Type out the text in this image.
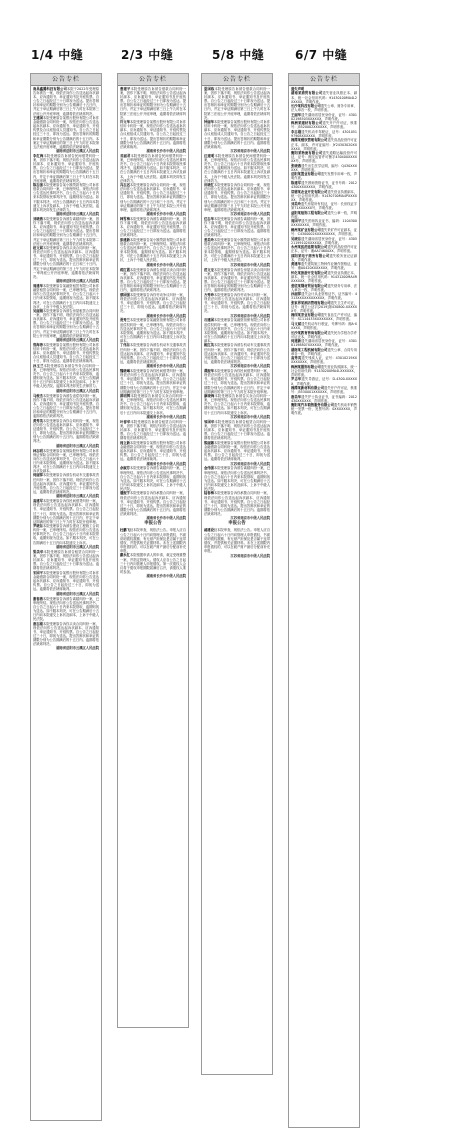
1/4 中缝	2/3 中缝	5/8 中缝	6/7 中缝
公告专栏
南昌鑫腾科技有限公司本院于2022年受理原告诉被告一案，现依法向你公告送达起诉状副本、应诉通知书、举证通知书及开庭传票。自公告之日起经过三十日即视为送达。提出答辩状和举证的期限分别为公告期满后十五日内，并定于举证期满后第三日上午九时在本院第三法庭公开开庭审理，逾期将依法缺席判决。
王建国本院受理原告某银行股份有限公司诉你金融借款合同纠纷一案，现依法向你公告送达起诉状副本、应诉通知书、举证通知书、开庭传票及合议庭组成人员通知书。自公告之日起经过三十日，即视为送达。提出答辩状的期限和举证期限分别为公告期满后的十五日内。本案定于举证期满后的第三日上午九时在本院第五法庭开庭审理，逾期将依法缺席裁判。
湖南省岳阳市云溪区人民法院
李红梅本院受理原告诉被告民间借贷纠纷一案，因你下落不明，现依法向你公告送达起诉状副本、应诉通知书、举证通知书、开庭传票。自公告之日起经过三十日即视为送达，提出答辩状和举证的期限均为公告期满后十五日内，并定于举证期满后第三日上午九时在本院开庭审理，逾期将依法缺席判决。
陈志强本院受理原告某小额贷款有限公司诉你借款合同纠纷一案，已审理终结。现依法向你公告送达民事判决书，自公告之日起六十日内来本院领取民事判决书，逾期则视为送达。如不服本判决，可在公告期满后十五日内向本院递交上诉状及副本，上诉于中级人民法院。逾期本判决即发生法律效力。
湖南省岳阳市云溪区人民法院
刘晓燕本院受理原告诉被告离婚纠纷一案，因你下落不明，现依法向你公告送达起诉状副本、应诉通知书、举证通知书及开庭传票。自公告之日起经过三十日即视为送达。提出答辩状和举证的期限分别为公告期满后十五日内，并定于举证期满后第三日上午九时在本院第二法庭公开开庭审理，逾期将依法缺席判决。
赵文斌本院受理原告诉你买卖合同纠纷一案，现依法向你公告送达起诉状副本、应诉通知书、举证通知书、开庭传票。自公告之日起经过三十日，即视为送达。提出答辩状和举证的期限分别为公告期满后的十五日和三十日内。并定于举证期满后的第三日上午九时在本院第一审判庭公开开庭审理，逾期将依法缺席判决。
湖南省岳阳市云溪区人民法院
周建华本院受理原告某融资租赁有限公司诉你融资租赁合同纠纷一案，已审理终结。现依法向你公告送达民事判决书，自公告之日起六十日内来本院领取，逾期则视为送达。如不服本判决，可在公告期满后十五日内向本院递交上诉状，上诉于中级人民法院。
吴丽娟本院受理原告诉被告房屋租赁合同纠纷一案，因你下落不明，现依法向你公告送达起诉状副本、应诉通知书、举证通知书及开庭传票。自公告之日起经过三十日即视为送达。提出答辩状和举证的期限分别为公告期满后十五日内，并定于举证期满后第三日上午九时在本院公开开庭审理，逾期将依法缺席判决。
湖南省岳阳市云溪区人民法院
郑海涛本院受理原告某银行股份有限公司诉你信用卡纠纷一案，现依法向你公告送达起诉状副本、应诉通知书、举证通知书、开庭传票及合议庭组成人员通知书。自公告之日起经过三十日，即视为送达。逾期将依法缺席裁判。
孙玉兰本院受理原告诉被告劳务合同纠纷一案，已审理终结。现依法向你公告送达民事判决书，自公告之日起六十日内来本院领取，逾期则视为送达。如不服本判决，可在公告期满后十五日内向本院递交上诉状及副本，上诉于中级人民法院。逾期本判决即发生法律效力。
湖南省岳阳市云溪区人民法院
马俊杰本院受理原告诉被告追偿权纠纷一案，因你下落不明，现依法向你公告送达起诉状副本、应诉通知书、举证通知书及开庭传票。自公告之日起经过三十日即视为送达。提出答辩状和举证的期限分别为公告期满后十五日内，逾期将依法缺席判决。
黄秀英本院受理原告诉你合同纠纷一案，现依法向你公告送达起诉状副本、应诉通知书、举证通知书、开庭传票。自公告之日起经过三十日，即视为送达。提出答辩状和举证的期限分别为公告期满后的十五日内。逾期将依法缺席判决。
湖南省岳阳市云溪区人民法院
林志明本院受理原告某保险股份有限公司诉你保证保险合同纠纷一案，已审理终结。现依法向你公告送达民事判决书，自公告之日起六十日内来本院领取，逾期则视为送达。如不服本判决，可在公告期满后十五日内向本院递交上诉状及副本。
何丽萍本院受理原告诉被告机动车交通事故责任纠纷一案，因你下落不明，现依法向你公告送达起诉状副本、应诉通知书、举证通知书及开庭传票。自公告之日起经过三十日即视为送达，逾期将依法缺席判决。
湖南省岳阳市云溪区人民法院
高建军本院受理原告诉你民间借贷纠纷一案，现依法向你公告送达起诉状副本、应诉通知书、举证通知书、开庭传票。自公告之日起经过三十日，即视为送达。提出答辩状和举证的期限分别为公告期满后的十五日内，并定于举证期满后的第三日上午九时在本院开庭审理。
罗晓东本院受理原告诉被告建设工程施工合同纠纷一案，已审理终结。现依法向你公告送达民事判决书，自公告之日起六十日内来本院领取，逾期则视为送达。如不服本判决，可在公告期满后十五日内向本院递交上诉状。
湖南省岳阳市云溪区人民法院
梁美华本院受理原告诉被告租赁合同纠纷一案，因你下落不明，现依法向你公告送达起诉状副本、应诉通知书、举证通知书及开庭传票。自公告之日起经过三十日即视为送达。逾期将依法缺席判决。
宋国平本院受理原告某银行股份有限公司诉你金融借款合同纠纷一案，现依法向你公告送达起诉状副本、应诉通知书、举证通知书、开庭传票。自公告之日起经过三十日，即视为送达。逾期将依法缺席裁判。
湖南省岳阳市云溪区人民法院
谢春燕本院受理原告诉被告离婚纠纷一案，已审理终结。现依法向你公告送达民事判决书，自公告之日起六十日内来本院领取，逾期则视为送达。如不服本判决，可在公告期满后十五日内向本院递交上诉状及副本，上诉于中级人民法院。
唐志刚本院受理原告诉你买卖合同纠纷一案，现依法向你公告送达起诉状副本、应诉通知书、举证通知书、开庭传票。自公告之日起经过三十日，即视为送达。提出答辩状和举证的期限分别为公告期满后的十五日内。逾期将依法缺席判决。
湖南省岳阳市云溪区人民法院
公告专栏
曹建平本院受理原告诉被告借款合同纠纷一案，因你下落不明，现依法向你公告送达起诉状副本、应诉通知书、举证通知书及开庭传票。自公告之日起经过三十日即视为送达。提出答辩状和举证的期限分别为公告期满后十五日内，并定于举证期满后第三日上午九时在本院第三法庭公开开庭审理，逾期将依法缺席判决。
许文华本院受理原告某银行股份有限公司诉你信用卡纠纷一案，现依法向你公告送达起诉状副本、应诉通知书、举证通知书、开庭传票及合议庭组成人员通知书。自公告之日起经过三十日，即视为送达。提出答辩状的期限和举证期限分别为公告期满后的十五日内。逾期将依法缺席裁判。
湖南省长沙市中级人民法院
邓丽君本院受理原告诉被告民间借贷纠纷一案，已审理终结。现依法向你公告送达民事判决书，自公告之日起六十日内来本院领取民事判决书，逾期则视为送达。如不服本判决，可在公告期满后十五日内向本院递交上诉状及副本，上诉于中级人民法院。逾期本判决即发生法律效力。
冯志远本院受理原告诉你合同纠纷一案，现依法向你公告送达起诉状副本、应诉通知书、举证通知书、开庭传票。自公告之日起经过三十日，即视为送达。提出答辩状和举证的期限分别为公告期满后的十五日和三十日内。并定于举证期满后的第三日上午九时在本院公开开庭审理，逾期将依法缺席判决。
湖南省长沙市中级人民法院
韩雪梅本院受理原告诉被告离婚纠纷一案，因你下落不明，现依法向你公告送达起诉状副本、应诉通知书、举证通知书及开庭传票。自公告之日起经过三十日即视为送达。逾期将依法缺席判决。
彭建新本院受理原告某小额贷款有限公司诉你借款合同纠纷一案，已审理终结。现依法向你公告送达民事判决书，自公告之日起六十日内来本院领取，逾期则视为送达。如不服本判决，可在公告期满后十五日内向本院递交上诉状，上诉于中级人民法院。
湖南省长沙市中级人民法院
蒋红霞本院受理原告诉被告房屋买卖合同纠纷一案，因你下落不明，现依法向你公告送达起诉状副本、应诉通知书、举证通知书及开庭传票。自公告之日起经过三十日即视为送达。提出答辩状和举证的期限分别为公告期满后十五日内，逾期将依法缺席判决。
蔡国强本院受理原告诉你劳动争议纠纷一案，现依法向你公告送达起诉状副本、应诉通知书、举证通知书、开庭传票。自公告之日起经过三十日，即视为送达。逾期将依法缺席判决。
湖南省长沙市中级人民法院
贾秀兰本院受理原告某融资担保有限公司诉你追偿权纠纷一案，已审理终结。现依法向你公告送达民事判决书，自公告之日起六十日内来本院领取，逾期则视为送达。如不服本判决，可在公告期满后十五日内向本院递交上诉状及副本。
丁伟东本院受理原告诉被告机动车交通事故责任纠纷一案，因你下落不明，现依法向你公告送达起诉状副本、应诉通知书、举证通知书及开庭传票。自公告之日起经过三十日即视为送达，逾期将依法缺席判决。
湖南省长沙市中级人民法院
魏晓琳本院受理原告诉你民间借贷纠纷一案，现依法向你公告送达起诉状副本、应诉通知书、举证通知书、开庭传票。自公告之日起经过三十日，即视为送达。提出答辩状和举证的期限分别为公告期满后的十五日内，并定于举证期满后的第三日上午九时在本院开庭审理。
薛明辉本院受理原告诉被告买卖合同纠纷一案，已审理终结。现依法向你公告送达民事判决书，自公告之日起六十日内来本院领取，逾期则视为送达。如不服本判决，可在公告期满后十五日内向本院递交上诉状。
湖南省长沙市中级人民法院
叶春华本院受理原告诉被告租赁合同纠纷一案，因你下落不明，现依法向你公告送达起诉状副本、应诉通知书、举证通知书及开庭传票。自公告之日起经过三十日即视为送达。逾期将依法缺席判决。
阎立新本院受理原告某银行股份有限公司诉你金融借款合同纠纷一案，现依法向你公告送达起诉状副本、应诉通知书、举证通知书、开庭传票。自公告之日起经过三十日，即视为送达。逾期将依法缺席裁判。
湖南省长沙市中级人民法院
余淑芬本院受理原告诉被告离婚纠纷一案，已审理终结。现依法向你公告送达民事判决书，自公告之日起六十日内来本院领取，逾期则视为送达。如不服本判决，可在公告期满后十五日内向本院递交上诉状及副本，上诉于中级人民法院。
潘振宇本院受理原告诉你承揽合同纠纷一案，现依法向你公告送达起诉状副本、应诉通知书、举证通知书、开庭传票。自公告之日起经过三十日，即视为送达。提出答辩状和举证的期限分别为公告期满后的十五日内。逾期将依法缺席判决。
湖南省长沙市中级人民法院
申报公告
杜鹏飞经本院审查，现依法公告。申报人应自公告之日起六十日内向管理人申报债权，书面说明债权数额、有无财产担保及是否属于连带债权，并提供相关证据材料。未在上述期限内申报债权的，可以在破产财产最后分配前补充申报。
戴永红本院根据申请人的申请，裁定受理重整一案，并指定管理人。债权人应自公告之日起三十日内向管理人申报债权。第一次债权人会议将于债权申报期限届满后召开，请债权人准时参加。
湖南省长沙市中级人民法院
公告专栏
夏国栋本院受理原告诉被告借款合同纠纷一案，因你下落不明，现依法向你公告送达起诉状副本、应诉通知书、举证通知书及开庭传票。自公告之日起经过三十日即视为送达。提出答辩状和举证的期限分别为公告期满后十五日内，并定于举证期满后第三日上午九时在本院第三法庭公开开庭审理，逾期将依法缺席判决。
钟丽华本院受理原告某银行股份有限公司诉你信用卡纠纷一案，现依法向你公告送达起诉状副本、应诉通知书、举证通知书、开庭传票及合议庭组成人员通知书。自公告之日起经过三十日，即视为送达。提出答辩状的期限和举证期限分别为公告期满后的十五日内。逾期将依法缺席裁判。
江苏省南京市中级人民法院
汪建明本院受理原告诉被告民间借贷纠纷一案，已审理终结。现依法向你公告送达民事判决书，自公告之日起六十日内来本院领取民事判决书，逾期则视为送达。如不服本判决，可在公告期满后十五日内向本院递交上诉状及副本，上诉于中级人民法院。逾期本判决即发生法律效力。
田晓红本院受理原告诉你合同纠纷一案，现依法向你公告送达起诉状副本、应诉通知书、举证通知书、开庭传票。自公告之日起经过三十日，即视为送达。提出答辩状和举证的期限分别为公告期满后的十五日和三十日内。并定于举证期满后的第三日上午九时在本院公开开庭审理，逾期将依法缺席判决。
江苏省南京市中级人民法院
任志华本院受理原告诉被告离婚纠纷一案，因你下落不明，现依法向你公告送达起诉状副本、应诉通知书、举证通知书及开庭传票。自公告之日起经过三十日即视为送达。逾期将依法缺席判决。
姜美玲本院受理原告某小额贷款有限公司诉你借款合同纠纷一案，已审理终结。现依法向你公告送达民事判决书，自公告之日起六十日内来本院领取，逾期则视为送达。如不服本判决，可在公告期满后十五日内向本院递交上诉状，上诉于中级人民法院。
江苏省南京市中级人民法院
范文龙本院受理原告诉被告房屋买卖合同纠纷一案，因你下落不明，现依法向你公告送达起诉状副本、应诉通知书、举证通知书及开庭传票。自公告之日起经过三十日即视为送达。提出答辩状和举证的期限分别为公告期满后十五日内，逾期将依法缺席判决。
方秀珍本院受理原告诉你劳动争议纠纷一案，现依法向你公告送达起诉状副本、应诉通知书、举证通知书、开庭传票。自公告之日起经过三十日，即视为送达。逾期将依法缺席判决。
江苏省南京市中级人民法院
石建国本院受理原告某融资担保有限公司诉你追偿权纠纷一案，已审理终结。现依法向你公告送达民事判决书，自公告之日起六十日内来本院领取，逾期则视为送达。如不服本判决，可在公告期满后十五日内向本院递交上诉状及副本。
姚红英本院受理原告诉被告机动车交通事故责任纠纷一案，因你下落不明，现依法向你公告送达起诉状副本、应诉通知书、举证通知书及开庭传票。自公告之日起经过三十日即视为送达，逾期将依法缺席判决。
江苏省南京市中级人民法院
谭振华本院受理原告诉你民间借贷纠纷一案，现依法向你公告送达起诉状副本、应诉通知书、举证通知书、开庭传票。自公告之日起经过三十日，即视为送达。提出答辩状和举证的期限分别为公告期满后的十五日内，并定于举证期满后的第三日上午九时在本院开庭审理。
廖晓梅本院受理原告诉被告买卖合同纠纷一案，已审理终结。现依法向你公告送达民事判决书，自公告之日起六十日内来本院领取，逾期则视为送达。如不服本判决，可在公告期满后十五日内向本院递交上诉状。
江苏省南京市中级人民法院
邹国华本院受理原告诉被告租赁合同纠纷一案，因你下落不明，现依法向你公告送达起诉状副本、应诉通知书、举证通知书及开庭传票。自公告之日起经过三十日即视为送达。逾期将依法缺席判决。
熊丽娜本院受理原告某银行股份有限公司诉你金融借款合同纠纷一案，现依法向你公告送达起诉状副本、应诉通知书、举证通知书、开庭传票。自公告之日起经过三十日，即视为送达。逾期将依法缺席裁判。
江苏省南京市中级人民法院
金伟强本院受理原告诉被告离婚纠纷一案，已审理终结。现依法向你公告送达民事判决书，自公告之日起六十日内来本院领取，逾期则视为送达。如不服本判决，可在公告期满后十五日内向本院递交上诉状及副本，上诉于中级人民法院。
陆春梅本院受理原告诉你承揽合同纠纷一案，现依法向你公告送达起诉状副本、应诉通知书、举证通知书、开庭传票。自公告之日起经过三十日，即视为送达。提出答辩状和举证的期限分别为公告期满后的十五日内。逾期将依法缺席判决。
江苏省南京市中级人民法院
申报公告
郝建设经本院审查，现依法公告。申报人应自公告之日起六十日内向管理人申报债权，书面说明债权数额、有无财产担保及是否属于连带债权，并提供相关证据材料。未在上述期限内申报债权的，可以在破产财产最后分配前补充申报。
江苏省南京市中级人民法院
公告专栏
遗失声明
湖南某商贸有限公司遗失营业执照正本、副本，统一社会信用代码：91430100MA4L2XXXXX，声明作废。
长沙某科技有限公司遗失公章、财务专用章、法人章各一枚，声明作废。
王丽华遗失湖南省居民身份证，证号：430102198503XXXXXX，声明作废。
株洲某建材有限公司遗失开户许可证，核准号：J5520002XXXXXX，声明作废。
李志刚遗失机动车驾驶证，证号：430105197908XXXXXX，声明作废。
湘潭某餐饮管理有限公司遗失食品经营许可证正本、副本，许可证编号：JY24303020XXXXXX，声明作废。
衡阳某物流有限公司遗失道路运输经营许可证，证号：湘交运管许可衡字430400XXXXXX号，声明作废。
张晓燕遗失出生医学证明，编号：Q430XXXXXX，声明作废。
岳阳某置业有限公司遗失发票专用章一枚，声明作废。
陈建军遗失教师资格证书，证书号码：20124300XXXXXXX，声明作废。
常德某农业开发有限公司遗失营业执照副本，统一社会信用代码：91430700MA4PXXXXXX，声明作废。
刘美玲遗失房屋所有权证，证号：长房权证字第71XXXXXX号，声明作废。
益阳某装饰工程有限公司遗失公章一枚，声明作废。
周国平遗失医师执业证书，编码：1104300XXXXXXXX，声明作废。
郴州某矿业有限公司遗失采矿许可证副本，证号：C4300002XXXXXXXXX，声明作废。
吴晓东遗失湖南省居民身份证，证号：430521199102XXXXXX，声明作废。
永州某医药连锁有限公司遗失药品经营许可证正本，证号：湘AA74600XX，声明作废。
邵阳某电子商务有限公司遗失税务登记证副本，声明作废。
黄建华遗失建筑施工特种作业操作资格证，证号：湘A0420XXXXXXX，声明作废。
怀化某旅游开发有限公司遗失营业执照正本、副本，统一社会信用代码：91431200MA4RXXXXXX，声明作废。
娄底某钢材贸易有限公司遗失财务专用章、法人章各一枚，声明作废。
孙丽萍遗失会计从业资格证书，证书编号：4313XXXXXXXXXXXX，声明作废。
张家界某酒店管理有限公司遗失卫生许可证，证号：湘卫公证字[2019]第430800-XXXXXX号，声明作废。
湘西某茶业有限公司遗失食品生产许可证，编号：SC114433XXXXXXXX，声明作废。
马文斌遗失机动车行驶证，号牌号码：湘A·XXXXX，声明作废。
长沙某教育咨询有限公司遗失民办学校办学许可证正本，声明作废。
何建新遗失湖南省居民身份证，证号：430181198807XXXXXX，声明作废。
湖南某工程机械有限公司遗失公章、合同专用章各一枚，声明作废。
高秀英遗失残疾人证，证号：43010219XXXXXXXXX，声明作废。
株洲某服饰有限公司遗失营业执照副本，统一社会信用代码：91430200MA4LXXXXXX，声明作废。
罗志华遗失导游证，证号：D-4300-XXXXXX，声明作废。
湘潭某新材料有限公司遗失开户许可证，核准号：J5530001XXXXXX，声明作废。
唐美华遗失护士执业证书，证书编码：2012430XXXXXX，声明作废。
衡阳某汽车销售服务有限公司遗失机动车销售统一发票一份，发票号码：0XXXXXXX，声明作废。
